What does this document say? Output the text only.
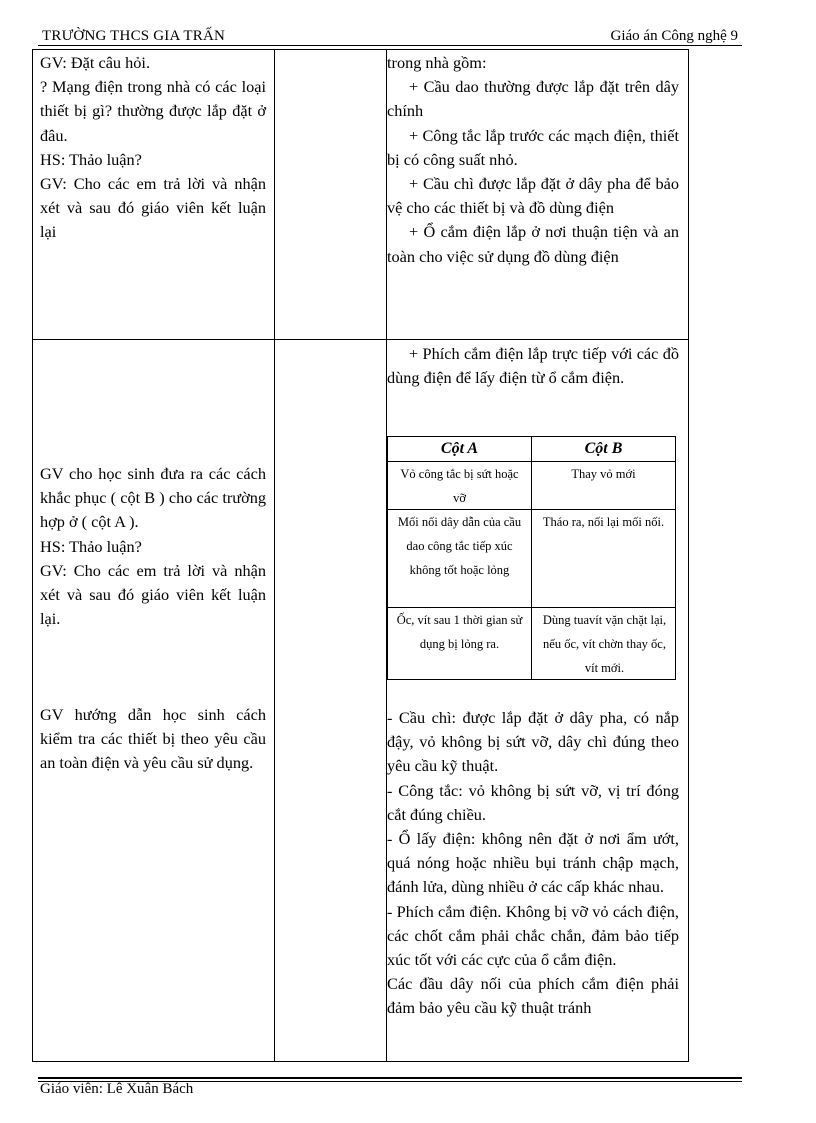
TRƯỜNG THCS GIA TRẤN	Giáo án Công nghệ 9

GV: Đặt câu hỏi.

? Mạng điện trong nhà có các loại thiết bị gì? thường được lắp đặt ở đâu.

HS: Thảo luận?

GV: Cho các em trả lời và nhận xét và sau đó giáo viên kết luận lại

trong nhà gồm:

+ Cầu dao thường được lắp đặt trên dây chính

+ Công tắc lắp trước các mạch điện, thiết bị có công suất nhỏ.

+ Cầu chì được lắp đặt ở dây pha để bảo vệ cho các thiết bị và đồ dùng điện

+ Ổ cắm điện lắp ở nơi thuận tiện và an toàn cho việc sử dụng đồ dùng điện

+ Phích cắm điện lắp trực tiếp với các đồ dùng điện để lấy điện từ ổ cắm điện.

GV cho học sinh đưa ra các cách khắc phục ( cột B ) cho các trường hợp ở ( cột A ).

HS: Thảo luận?

GV: Cho các em trả lời và nhận xét và sau đó giáo viên kết luận lại.

GV hướng dẫn học sinh cách kiểm tra các thiết bị theo yêu cầu an toàn điện và yêu cầu sử dụng.

Cột A	Cột B
Vỏ công tắc bị sứt hoặc vỡ
Thay vỏ mới
Mối nối dây dẫn của cầu dao công tắc tiếp xúc không tốt hoặc lỏng
Tháo ra, nối lại mối nối.
Ốc, vít sau 1 thời gian sử dụng bị lỏng ra.
Dùng tuavít vặn chặt lại, nếu ốc, vít chờn thay ốc, vít mới.

- Cầu chì: được lắp đặt ở dây pha, có nắp đậy, vỏ không bị sứt vỡ, dây chì đúng theo yêu cầu kỹ thuật.

- Công tắc: vỏ không bị sứt vỡ, vị trí đóng cắt đúng chiều.

- Ổ lấy điện: không nên đặt ở nơi ẩm ướt, quá nóng hoặc nhiều bụi tránh chập mạch, đánh lửa, dùng nhiều ở các cấp khác nhau.

- Phích cắm điện. Không bị vỡ vỏ cách điện, các chốt cắm phải chắc chắn, đảm bảo tiếp xúc tốt với các cực của ổ cắm điện.

Các đầu dây nối của phích cắm điện phải đảm bảo yêu cầu kỹ thuật tránh

Giáo viên: Lê Xuân Bách
